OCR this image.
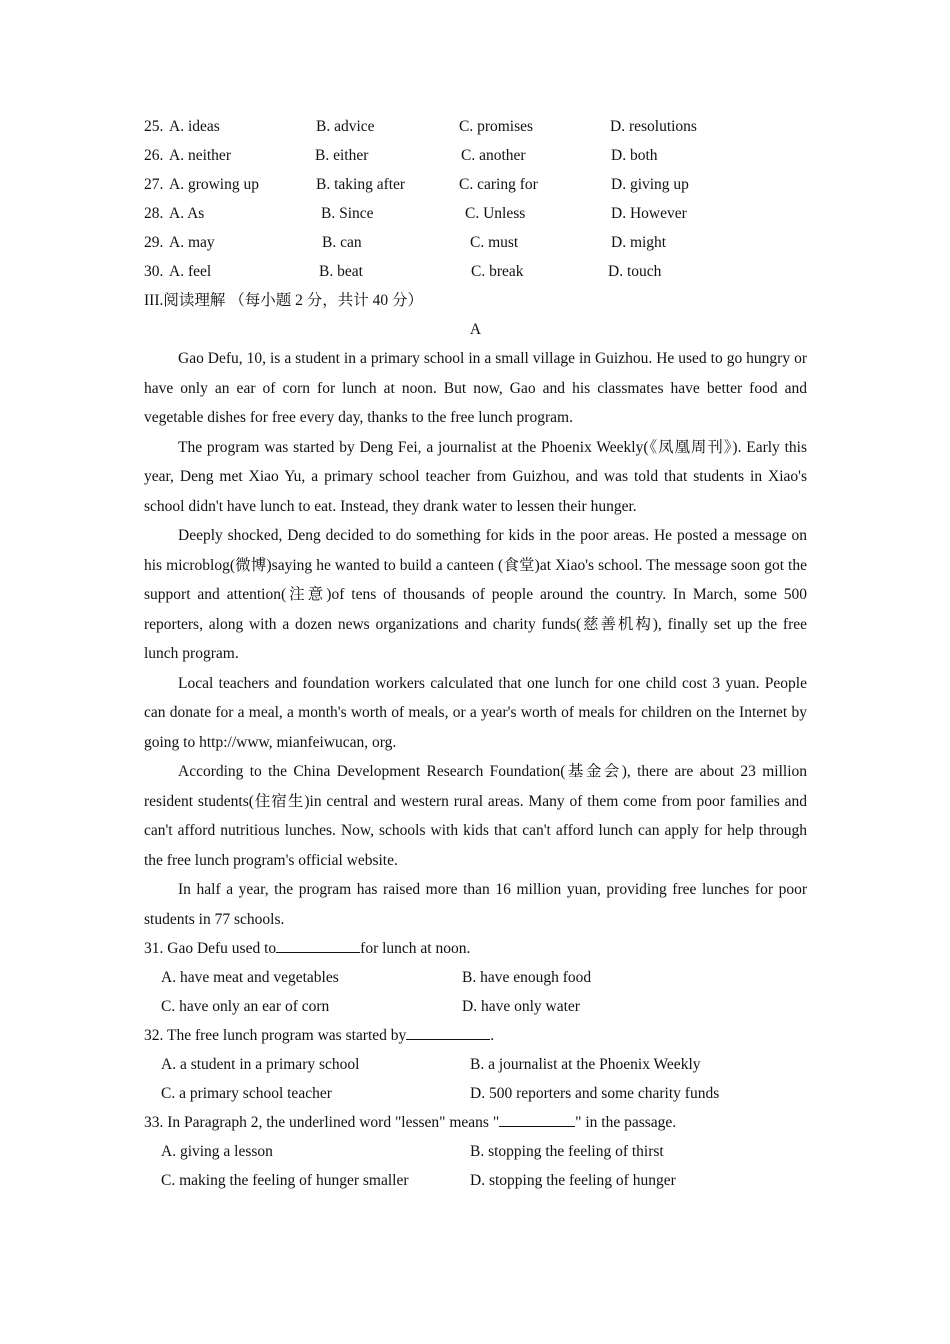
25. A. ideas	B. advice	C. promises	D. resolutions
26. A. neither	B. either	C. another	D. both
27. A. growing up	B. taking after	C. caring for	D. giving up
28. A. As	B. Since	C. Unless	D. However
29. A. may	B. can	C. must	D. might
30. A. feel	B. beat	C. break	D. touch
III.阅读理解 （每小题 2 分，共计 40 分）
A

Gao Defu, 10, is a student in a primary school in a small village in Guizhou. He used to go hungry or have only an ear of corn for lunch at noon. But now, Gao and his classmates have better food and vegetable dishes for free every day, thanks to the free lunch program.

The program was started by Deng Fei, a journalist at the Phoenix Weekly(《凤凰周刊》). Early this year, Deng met Xiao Yu, a primary school teacher from Guizhou, and was told that students in Xiao's school didn't have lunch to eat. Instead, they drank water to lessen their hunger.

Deeply shocked, Deng decided to do something for kids in the poor areas. He posted a message on his microblog(微博)saying he wanted to build a canteen (食堂)at Xiao's school. The message soon got the support and attention(注意)of tens of thousands of people around the country. In March, some 500 reporters, along with a dozen news organizations and charity funds(慈善机构), finally set up the free lunch program.

Local teachers and foundation workers calculated that one lunch for one child cost 3 yuan. People can donate for a meal, a month's worth of meals, or a year's worth of meals for children on the Internet by going to http://www, mianfeiwucan, org.

According to the China Development Research Foundation(基金会), there are about 23 million resident students(住宿生)in central and western rural areas. Many of them come from poor families and can't afford nutritious lunches. Now, schools with kids that can't afford lunch can apply for help through the free lunch program's official website.

In half a year, the program has raised more than 16 million yuan, providing free lunches for poor students in 77 schools.

31. Gao Defu used to	for lunch at noon.
A. have meat and vegetables	B. have enough food
C. have only an ear of corn	D. have only water
32. The free lunch program was started by	.
A. a student in a primary school	B. a journalist at the Phoenix Weekly
C. a primary school teacher	D. 500 reporters and some charity funds
33. In Paragraph 2, the underlined word "lessen" means "	" in the passage.
A. giving a lesson	B. stopping the feeling of thirst
C. making the feeling of hunger smaller	D. stopping the feeling of hunger
